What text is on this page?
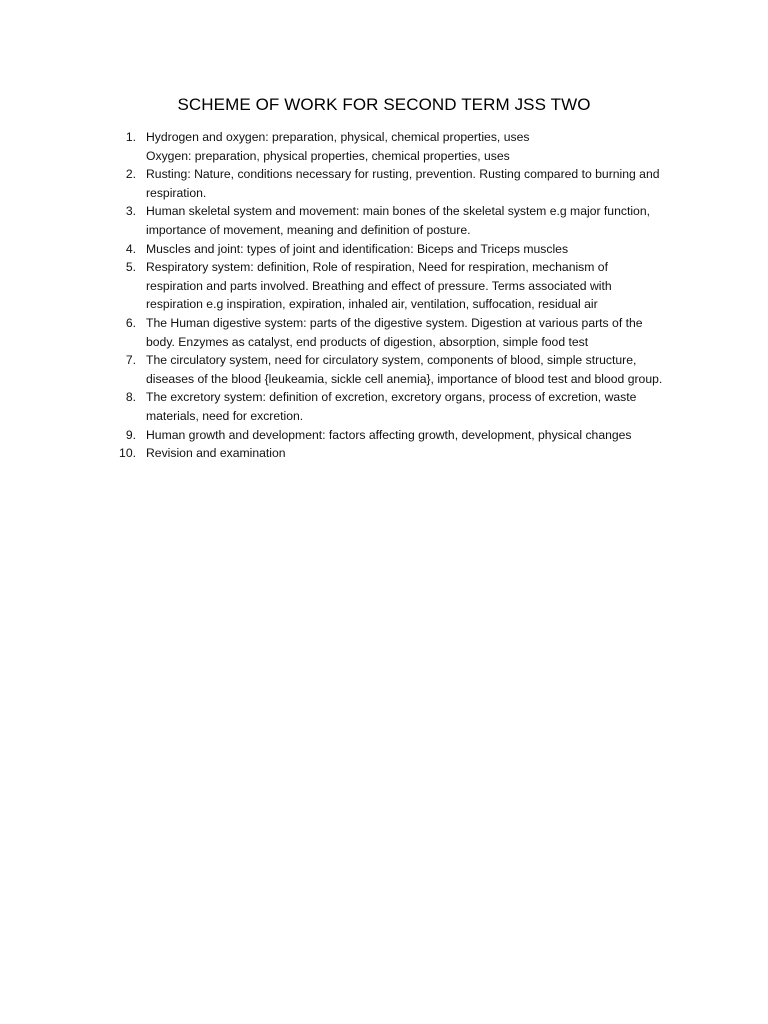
SCHEME OF WORK FOR SECOND TERM JSS TWO
1. Hydrogen and oxygen: preparation, physical, chemical properties, uses
Oxygen: preparation, physical properties, chemical properties, uses
2. Rusting: Nature, conditions necessary for rusting, prevention. Rusting compared to burning and
respiration.
3. Human skeletal system and movement: main bones of the skeletal system e.g major function,
importance of movement, meaning and definition of posture.
4. Muscles and joint: types of joint and identification: Biceps and Triceps muscles
5. Respiratory system: definition, Role of respiration, Need for respiration, mechanism of
respiration and parts involved. Breathing and effect of pressure. Terms associated with
respiration e.g inspiration, expiration, inhaled air, ventilation, suffocation, residual air
6. The Human digestive system: parts of the digestive system. Digestion at various parts of the
body. Enzymes as catalyst, end products of digestion, absorption, simple food test
7. The circulatory system, need for circulatory system, components of blood, simple structure,
diseases of the blood {leukeamia, sickle cell anemia}, importance of blood test and blood group.
8. The excretory system: definition of excretion, excretory organs, process of excretion, waste
materials, need for excretion.
9. Human growth and development: factors affecting growth, development, physical changes
10. Revision and examination
